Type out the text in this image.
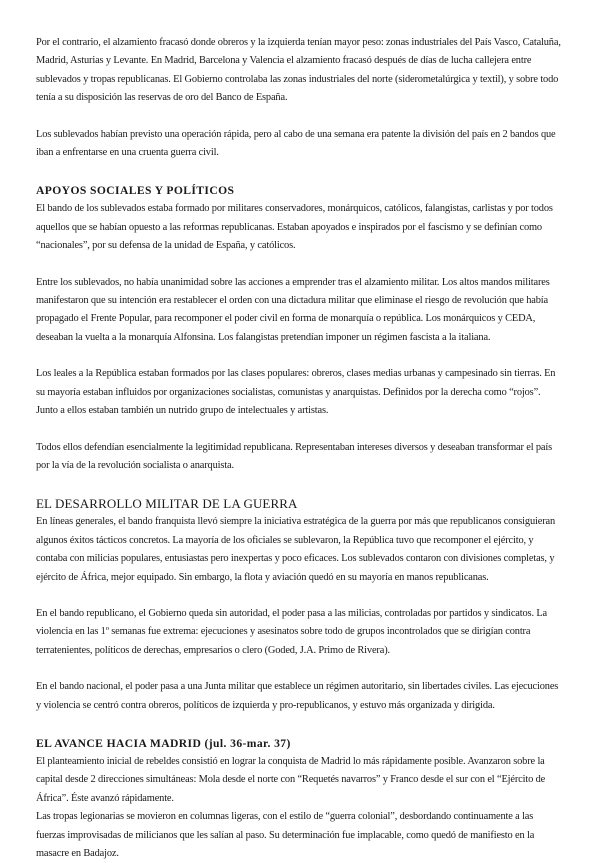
Por el contrario, el alzamiento fracasó donde obreros y la izquierda tenían mayor peso: zonas industriales del País Vasco, Cataluña, Madrid, Asturias y Levante. En Madrid, Barcelona y Valencia el alzamiento fracasó después de días de lucha callejera entre sublevados y tropas republicanas. El Gobierno controlaba las zonas industriales del norte (siderometalúrgica y textil), y sobre todo tenía a su disposición las reservas de oro del Banco de España.

Los sublevados habían previsto una operación rápida, pero al cabo de una semana era patente la división del país en 2 bandos que iban a enfrentarse en una cruenta guerra civil.

APOYOS SOCIALES Y POLÍTICOS

El bando de los sublevados estaba formado por militares conservadores, monárquicos, católicos, falangistas, carlistas y por todos aquellos que se habían opuesto a las reformas republicanas. Estaban apoyados e inspirados por el fascismo y se definían como “nacionales”, por su defensa de la unidad de España, y católicos.

Entre los sublevados, no había unanimidad sobre las acciones a emprender tras el alzamiento militar. Los altos mandos militares manifestaron que su intención era restablecer el orden con una dictadura militar que eliminase el riesgo de revolución que había propagado el Frente Popular, para recomponer el poder civil en forma de monarquía o república. Los monárquicos y CEDA, deseaban la vuelta a la monarquía Alfonsina. Los falangistas pretendían imponer un régimen fascista a la italiana.

Los leales a la República estaban formados por las clases populares: obreros, clases medias urbanas y campesinado sin tierras. En su mayoría estaban influidos por organizaciones socialistas, comunistas y anarquistas. Definidos por la derecha como “rojos”. Junto a ellos estaban también un nutrido grupo de intelectuales y artistas.

Todos ellos defendían esencialmente la legitimidad republicana. Representaban intereses diversos y deseaban transformar el país por la vía de la revolución socialista o anarquista.

EL DESARROLLO MILITAR DE LA GUERRA

En líneas generales, el bando franquista llevó siempre la iniciativa estratégica de la guerra por más que republicanos consiguieran algunos éxitos tácticos concretos. La mayoría de los oficiales se sublevaron, la República tuvo que recomponer el ejército, y contaba con milicias populares, entusiastas pero inexpertas y poco eficaces. Los sublevados contaron con divisiones completas, y ejército de África, mejor equipado. Sin embargo, la flota y aviación quedó en su mayoría en manos republicanas.

En el bando republicano, el Gobierno queda sin autoridad, el poder pasa a las milicias, controladas por partidos y sindicatos. La violencia en las 1º semanas fue extrema: ejecuciones y asesinatos sobre todo de grupos incontrolados que se dirigían contra terratenientes, políticos de derechas, empresarios o clero (Goded, J.A. Primo de Rivera).

En el bando nacional, el poder pasa a una Junta militar que establece un régimen autoritario, sin libertades civiles. Las ejecuciones y violencia se centró contra obreros, políticos de izquierda y pro-republicanos, y estuvo más organizada y dirigida.

EL AVANCE HACIA MADRID (jul. 36-mar. 37)

El planteamiento inicial de rebeldes consistió en lograr la conquista de Madrid lo más rápidamente posible. Avanzaron sobre la capital desde 2 direcciones simultáneas: Mola desde el norte con “Requetés navarros” y Franco desde el sur con el “Ejército de África”. Éste avanzó rápidamente.

Las tropas legionarias se movieron en columnas ligeras, con el estilo de “guerra colonial”, desbordando continuamente a las fuerzas improvisadas de milicianos que les salían al paso. Su determinación fue implacable, como quedó de manifiesto en la masacre en Badajoz.
